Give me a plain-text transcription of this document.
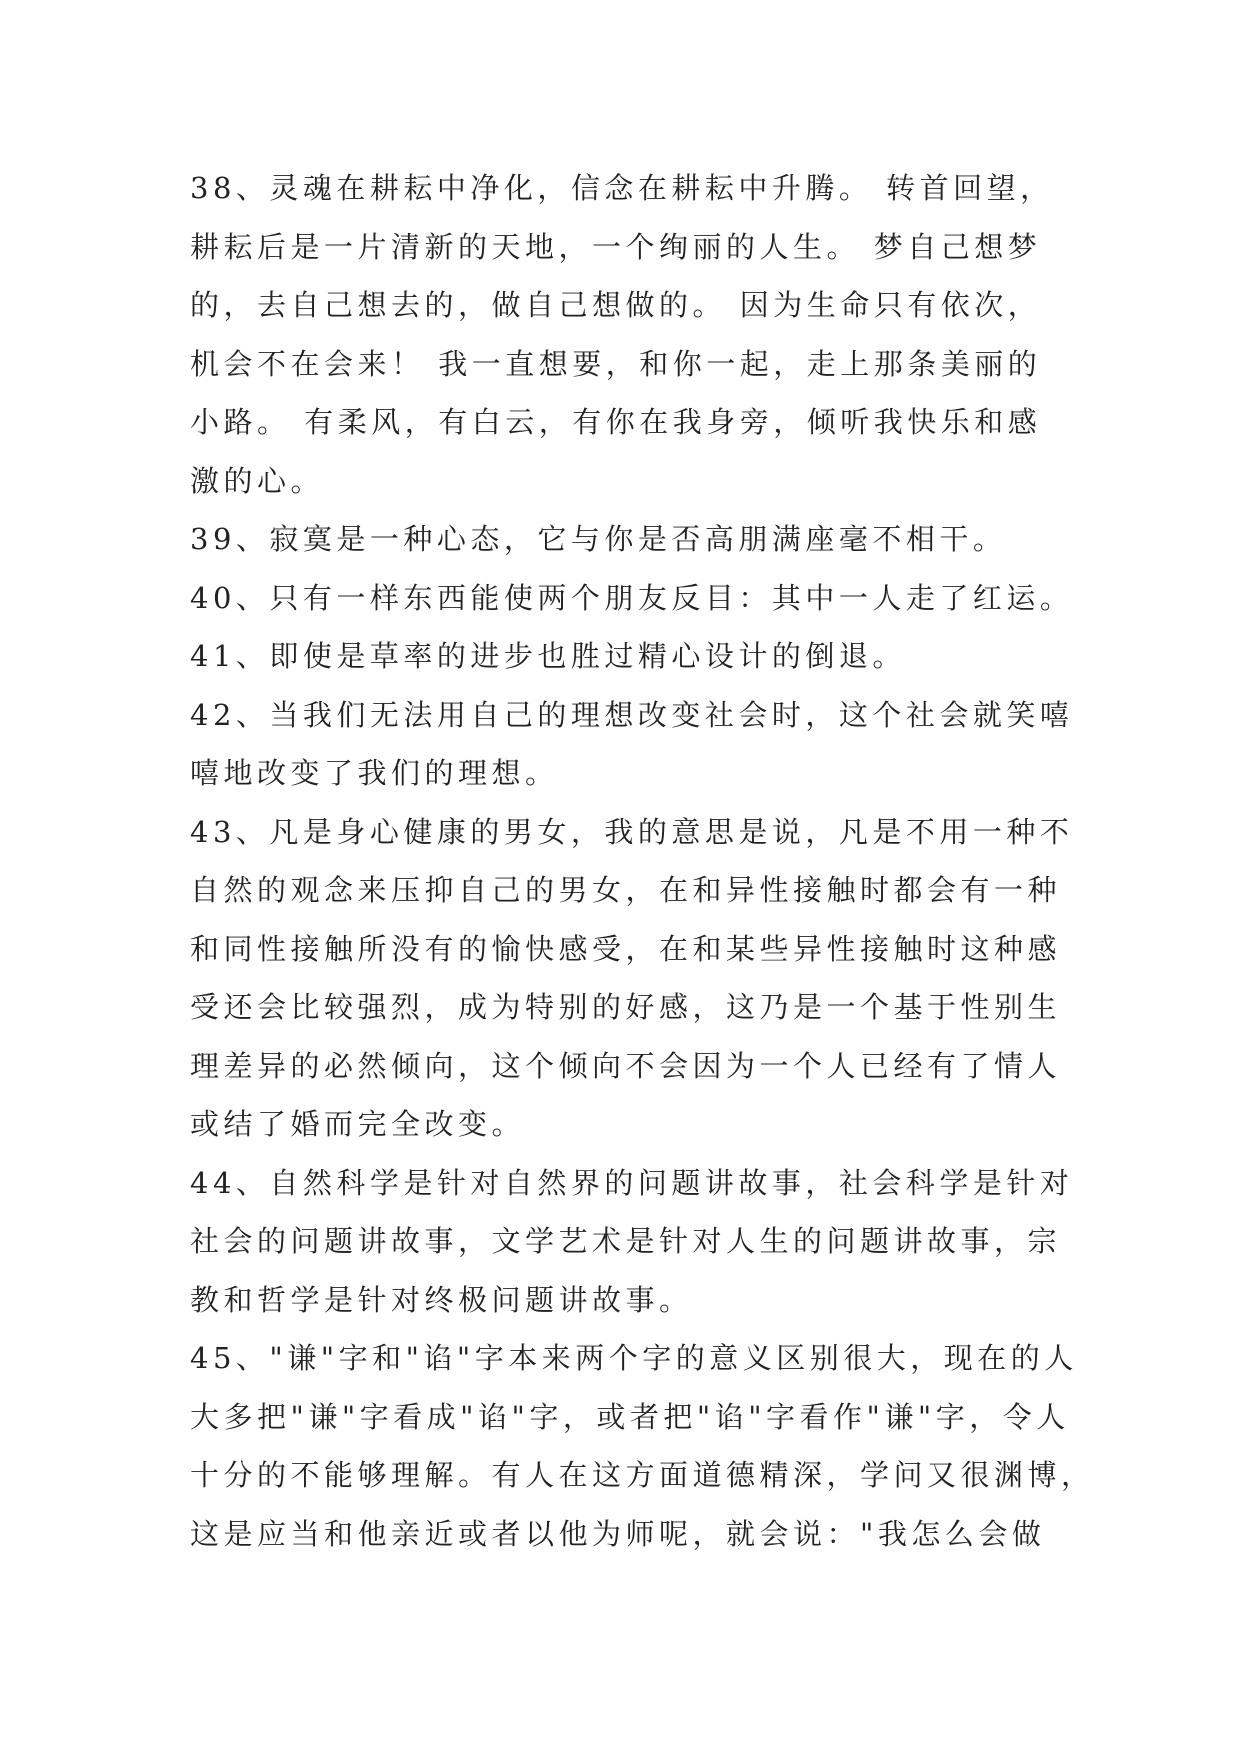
38、灵魂在耕耘中净化，信念在耕耘中升腾。 转首回望，
耕耘后是一片清新的天地，一个绚丽的人生。 梦自己想梦
的，去自己想去的，做自己想做的。 因为生命只有依次，
机会不在会来！ 我一直想要，和你一起，走上那条美丽的
小路。 有柔风，有白云，有你在我身旁，倾听我快乐和感
激的心。
39、寂寞是一种心态，它与你是否高朋满座毫不相干。
40、只有一样东西能使两个朋友反目：其中一人走了红运。
41、即使是草率的进步也胜过精心设计的倒退。
42、当我们无法用自己的理想改变社会时，这个社会就笑嘻
嘻地改变了我们的理想。
43、凡是身心健康的男女，我的意思是说，凡是不用一种不
自然的观念来压抑自己的男女，在和异性接触时都会有一种
和同性接触所没有的愉快感受，在和某些异性接触时这种感
受还会比较强烈，成为特别的好感，这乃是一个基于性别生
理差异的必然倾向，这个倾向不会因为一个人已经有了情人
或结了婚而完全改变。
44、自然科学是针对自然界的问题讲故事，社会科学是针对
社会的问题讲故事，文学艺术是针对人生的问题讲故事，宗
教和哲学是针对终极问题讲故事。
45、"谦"字和"谄"字本来两个字的意义区别很大，现在的人
大多把"谦"字看成"谄"字，或者把"谄"字看作"谦"字，令人
十分的不能够理解。有人在这方面道德精深，学问又很渊博，
这是应当和他亲近或者以他为师呢，就会说："我怎么会做
